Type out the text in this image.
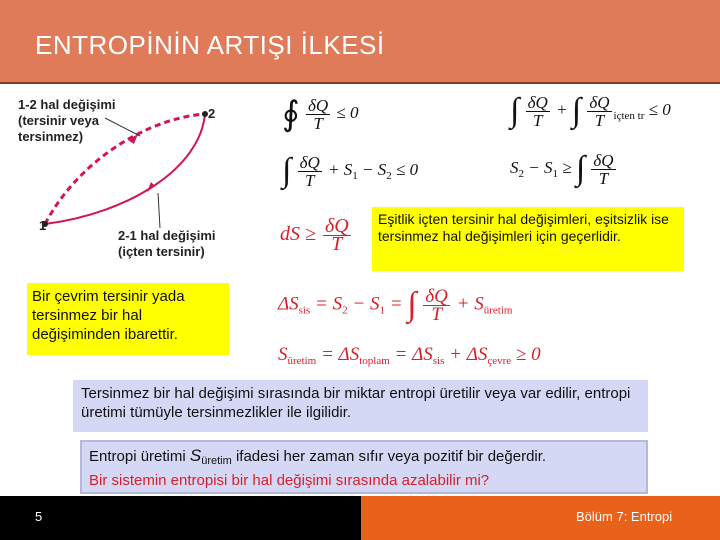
ENTROPİNİN ARTIŞI İLKESİ
1-2 hal değişimi
(tersinir veya
tersinmez)
2-1 hal değişimi
(içten tersinir)
1
2 ∮ $\frac{\delta Q}{T} \le 0$	∫ $\frac{\delta Q}{T}$ + ∫ $\frac{\delta Q}{T} _{içten tr} \le 0$
∫ $\frac{\delta Q}{T} + S_1 - S_2 \le 0$	$S_2 - S_1$ ≥ ∫ $\frac{\delta Q}{T}$
dS ≥ $\frac{\delta Q}{T}$	Eşitlik içten tersinir hal değişimleri, eşitsizlik ise tersinmez hal değişimleri için geçerlidir.
Bir çevrim tersinir yada tersinmez bir hal değişiminden ibarettir.
$\Delta S_{sis} = S_2 - S_1$ = ∫ $\frac{\delta Q}{T} + S_{üretim}$
$S_{üretim} = \Delta S_{toplam} = \Delta S_{sis} + \Delta S_{çevre} \ge 0$
Tersinmez bir hal değişimi sırasında bir miktar entropi üretilir veya var edilir, entropi üretimi tümüyle tersinmezlikler ile ilgilidir.
Entropi üretimi $S_{üretim}$ ifadesi her zaman sıfır veya pozitif bir değerdir.
Bir sistemin entropisi bir hal değişimi sırasında azalabilir mi?
5	Bölüm 7: Entropi
